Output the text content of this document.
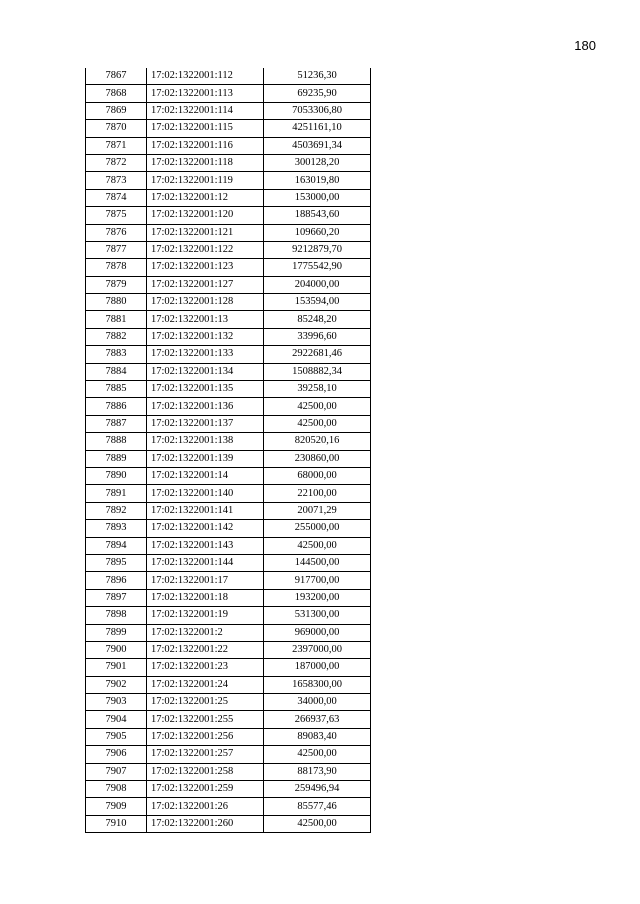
180
7867	17:02:1322001:112	51236,30
7868	17:02:1322001:113	69235,90
7869	17:02:1322001:114	7053306,80
7870	17:02:1322001:115	4251161,10
7871	17:02:1322001:116	4503691,34
7872	17:02:1322001:118	300128,20
7873	17:02:1322001:119	163019,80
7874	17:02:1322001:12	153000,00
7875	17:02:1322001:120	188543,60
7876	17:02:1322001:121	109660,20
7877	17:02:1322001:122	9212879,70
7878	17:02:1322001:123	1775542,90
7879	17:02:1322001:127	204000,00
7880	17:02:1322001:128	153594,00
7881	17:02:1322001:13	85248,20
7882	17:02:1322001:132	33996,60
7883	17:02:1322001:133	2922681,46
7884	17:02:1322001:134	1508882,34
7885	17:02:1322001:135	39258,10
7886	17:02:1322001:136	42500,00
7887	17:02:1322001:137	42500,00
7888	17:02:1322001:138	820520,16
7889	17:02:1322001:139	230860,00
7890	17:02:1322001:14	68000,00
7891	17:02:1322001:140	22100,00
7892	17:02:1322001:141	20071,29
7893	17:02:1322001:142	255000,00
7894	17:02:1322001:143	42500,00
7895	17:02:1322001:144	144500,00
7896	17:02:1322001:17	917700,00
7897	17:02:1322001:18	193200,00
7898	17:02:1322001:19	531300,00
7899	17:02:1322001:2	969000,00
7900	17:02:1322001:22	2397000,00
7901	17:02:1322001:23	187000,00
7902	17:02:1322001:24	1658300,00
7903	17:02:1322001:25	34000,00
7904	17:02:1322001:255	266937,63
7905	17:02:1322001:256	89083,40
7906	17:02:1322001:257	42500,00
7907	17:02:1322001:258	88173,90
7908	17:02:1322001:259	259496,94
7909	17:02:1322001:26	85577,46
7910	17:02:1322001:260	42500,00
